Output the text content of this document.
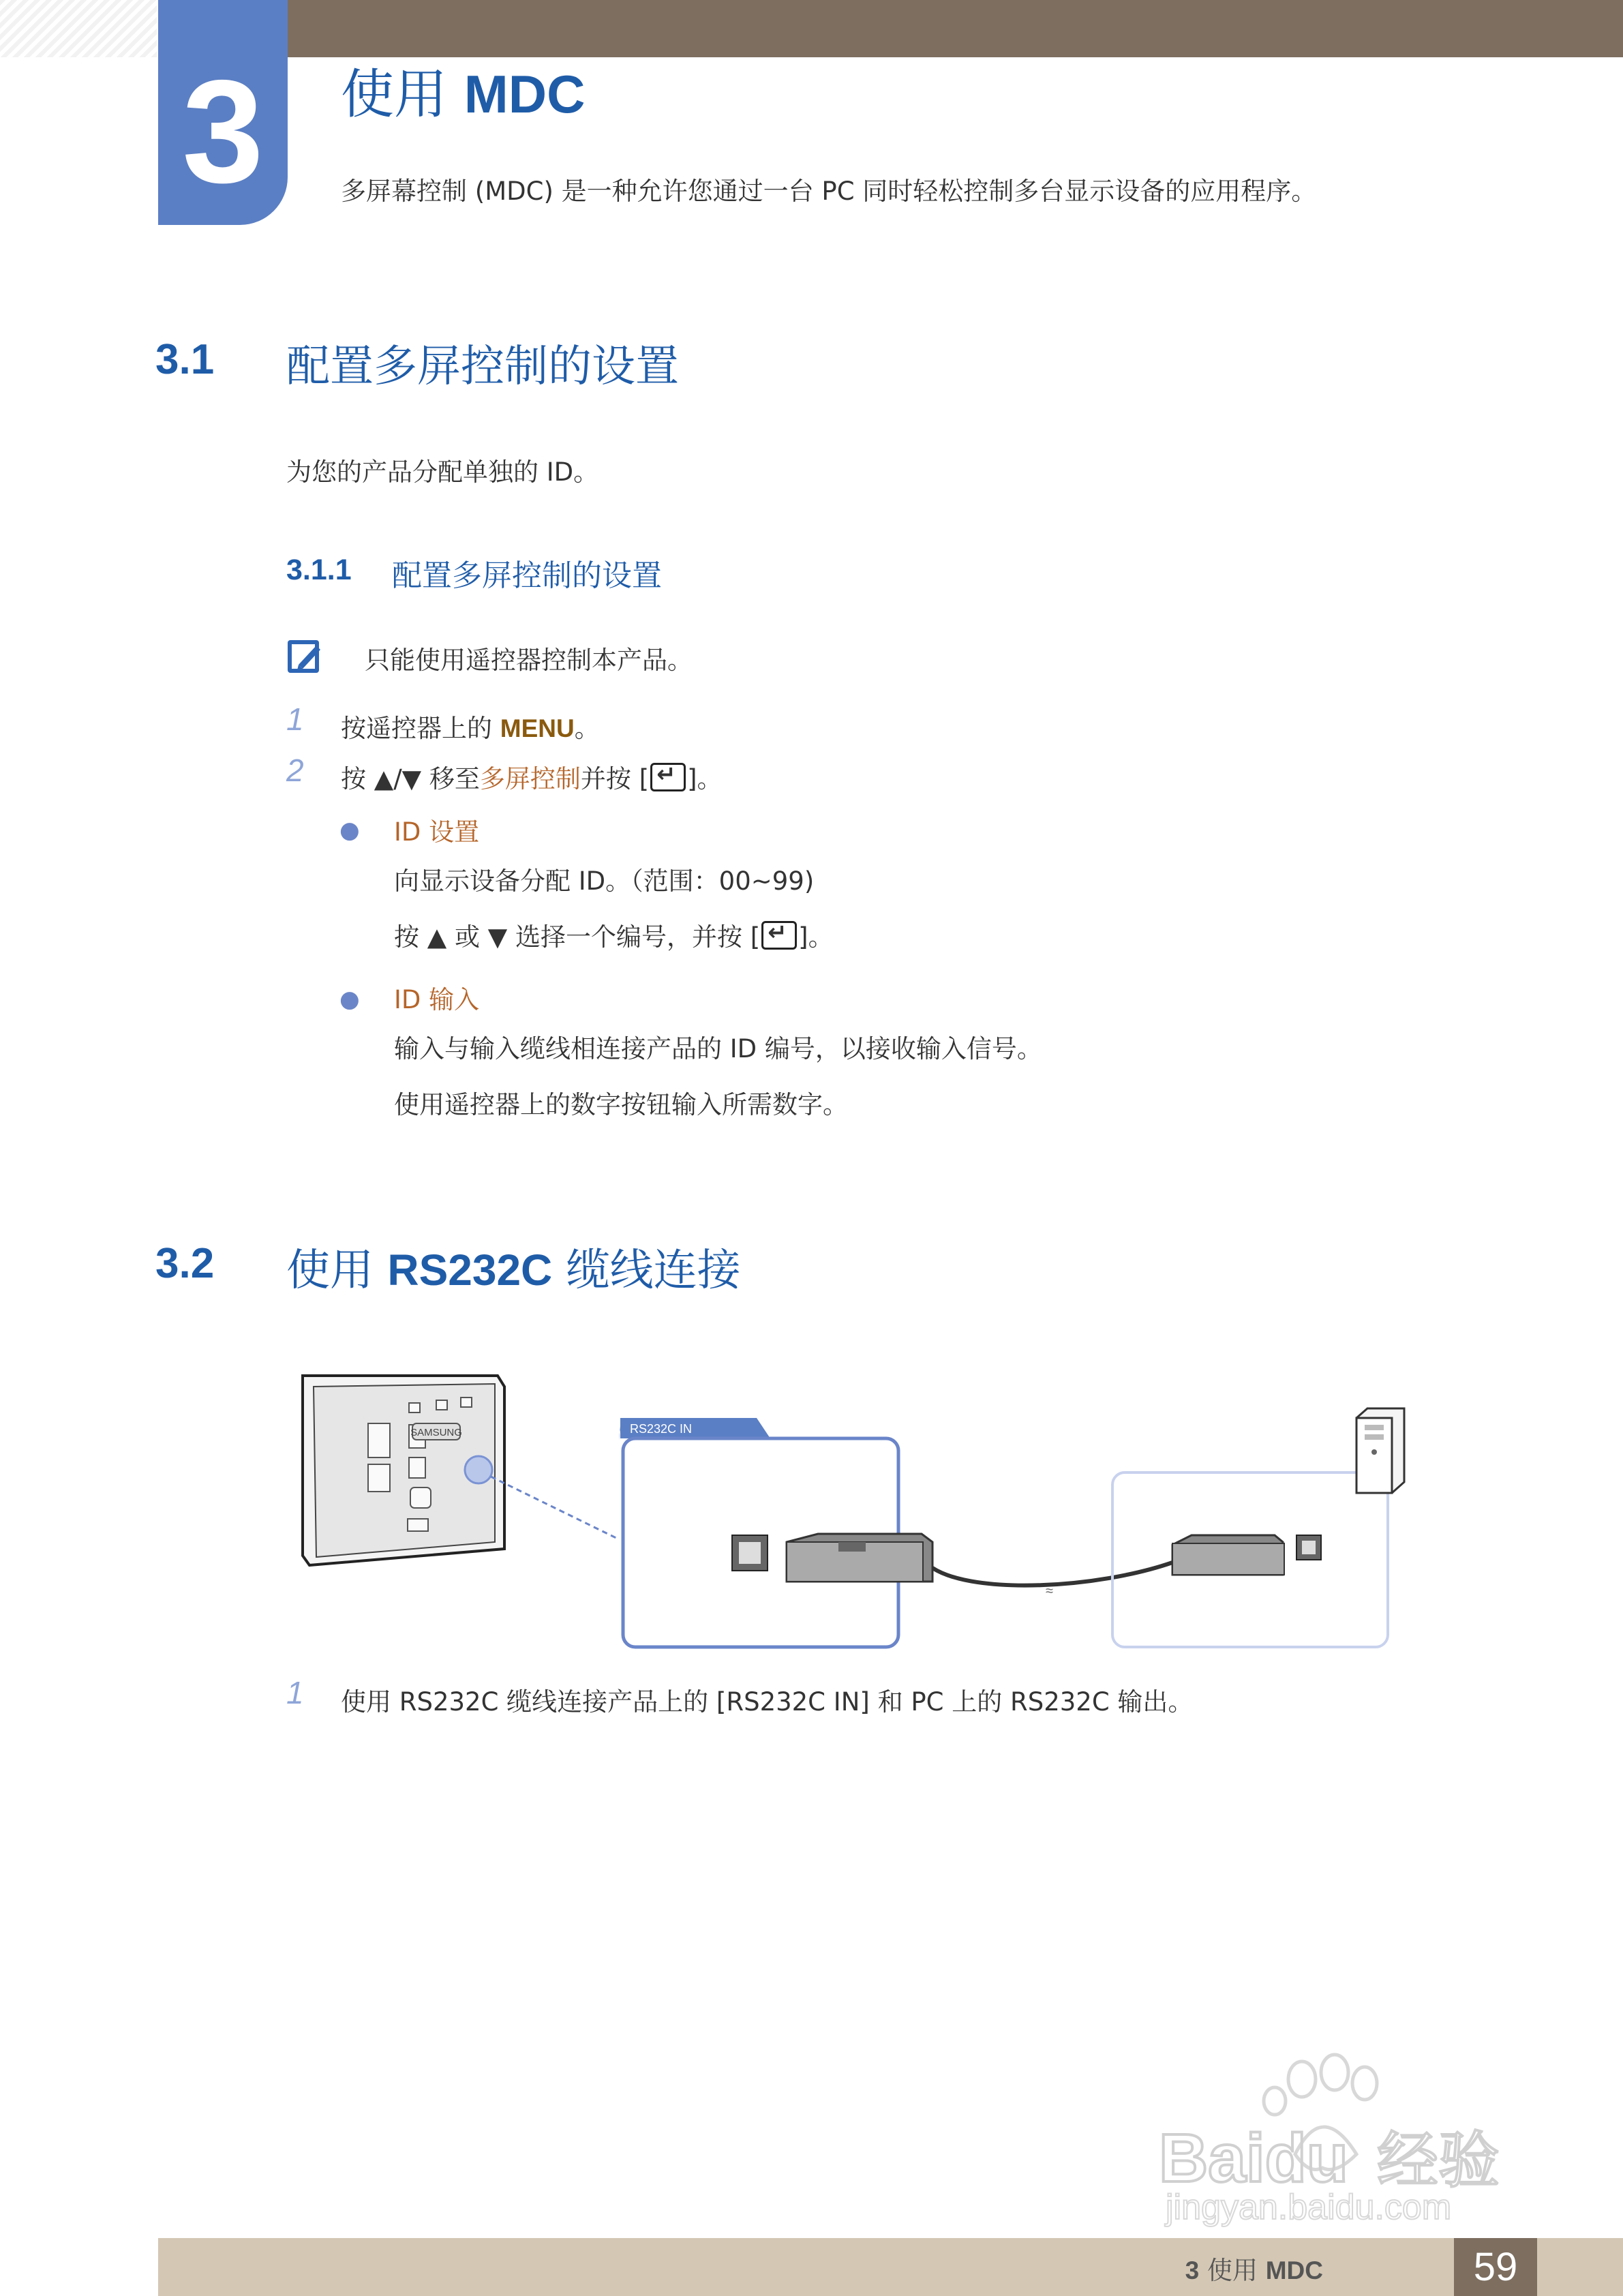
3	使用 MDC
多屏幕控制 (MDC) 是一种允许您通过一台 PC 同时轻松控制多台显示设备的应用程序。
3.1 配置多屏控制的设置
为您的产品分配单独的 ID。
3.1.1 配置多屏控制的设置
只能使用遥控器控制本产品。
1 按遥控器上的 MENU。
2 按 ▲/▼ 移至多屏控制并按 [ ↵ ]。
● ID 设置
向显示设备分配 ID。（范围：00~99)
按 ▲ 或 ▼ 选择一个编号，并按 [ ↵ ]。
● ID 输入
输入与输入缆线相连接产品的 ID 编号，以接收输入信号。
使用遥控器上的数字按钮输入所需数字。
3.2 使用 RS232C 缆线连接
SAMSUNG	RS232C IN
≈
1 使用 RS232C 缆线连接产品上的 [RS232C IN] 和 PC 上的 RS232C 输出。
Baidu 经验
jingyan.baidu.com
3 使用 MDC	59
